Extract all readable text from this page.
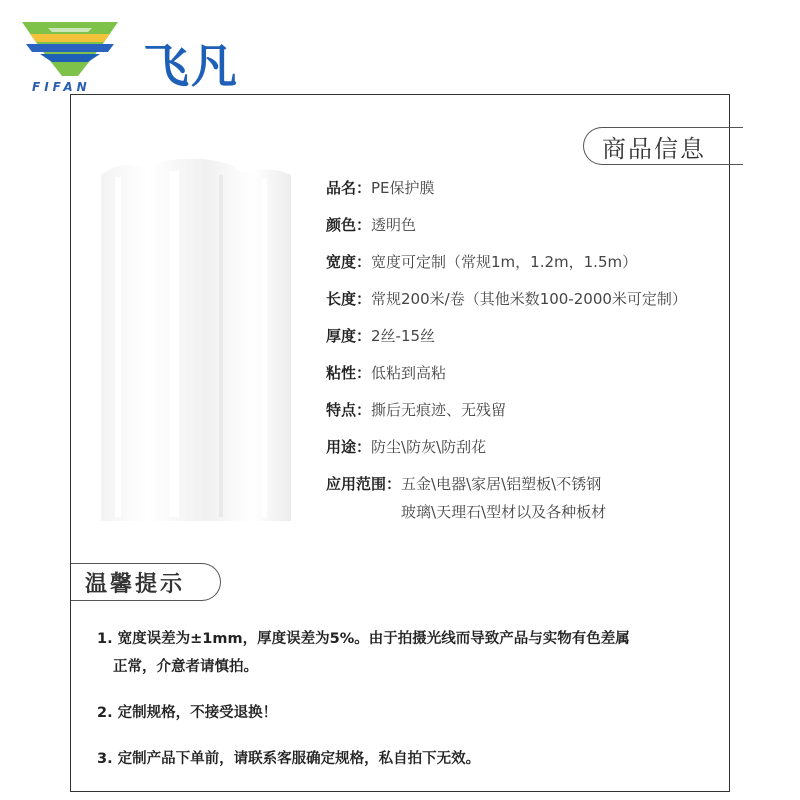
飞凡
FIFAN
商品信息
品名： PE保护膜
颜色： 透明色
宽度： 宽度可定制（常规1m，1.2m，1.5m）
长度： 常规200米/卷（其他米数100-2000米可定制）
厚度： 2丝-15丝
粘性： 低粘到高粘
特点： 撕后无痕迹、无残留
用途： 防尘\防灰\防刮花
应用范围： 五金\电器\家居\铝塑板\不锈钢
玻璃\天理石\型材以及各种板材
温馨提示
1. 宽度误差为±1mm，厚度误差为5%。由于拍摄光线而导致产品与实物有色差属
正常，介意者请慎拍。
2. 定制规格，不接受退换！
3. 定制产品下单前，请联系客服确定规格，私自拍下无效。
